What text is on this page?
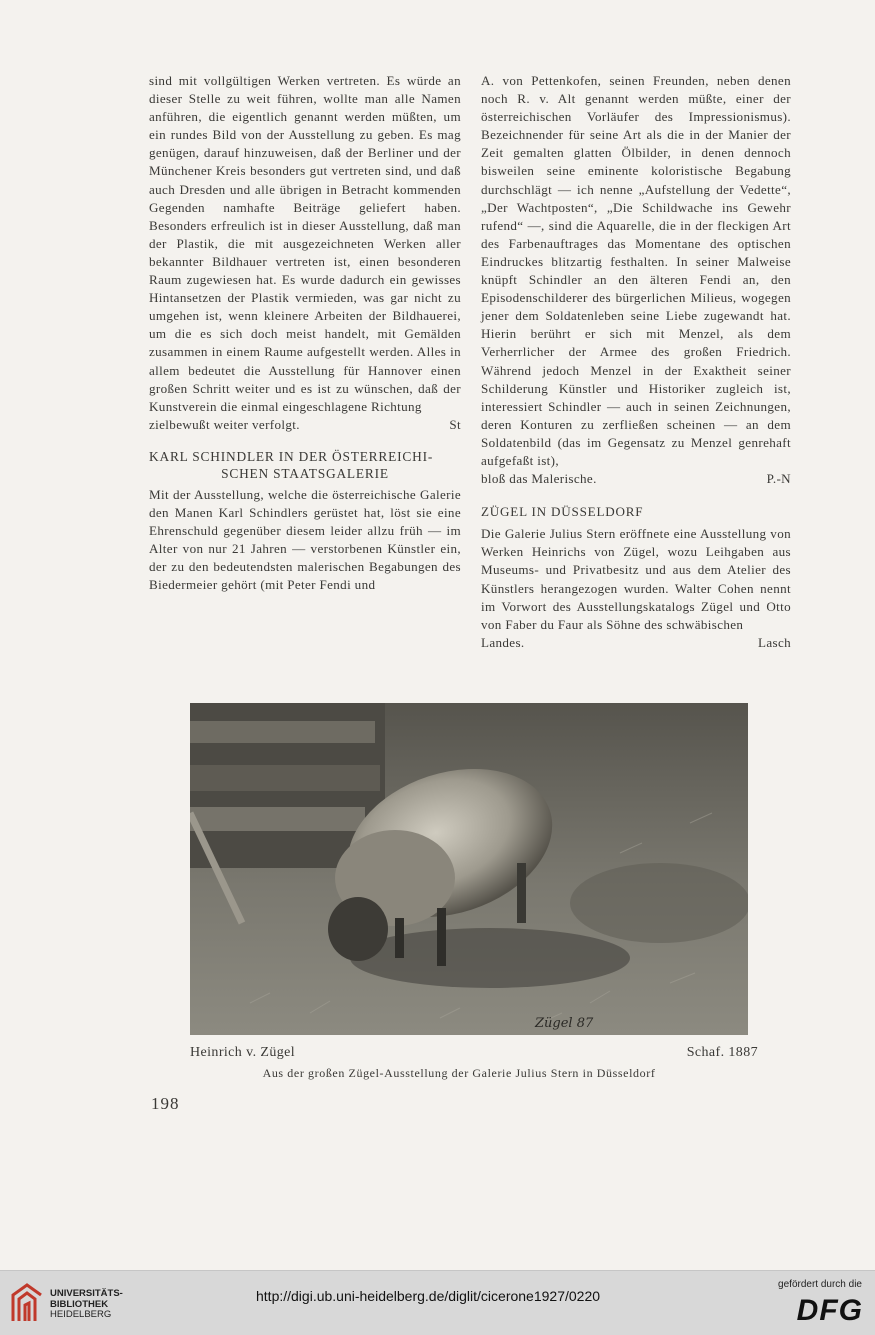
sind mit vollgültigen Werken vertreten. Es würde an dieser Stelle zu weit führen, wollte man alle Namen anführen, die eigentlich genannt werden müßten, um ein rundes Bild von der Ausstellung zu geben. Es mag genügen, darauf hinzuweisen, daß der Berliner und der Münchener Kreis besonders gut vertreten sind, und daß auch Dresden und alle übrigen in Betracht kommenden Gegenden namhafte Beiträge geliefert haben. Besonders erfreulich ist in dieser Ausstellung, daß man der Plastik, die mit ausgezeichneten Werken aller bekannter Bildhauer vertreten ist, einen besonderen Raum zugewiesen hat. Es wurde dadurch ein gewisses Hintansetzen der Plastik vermieden, was gar nicht zu umgehen ist, wenn kleinere Arbeiten der Bildhauerei, um die es sich doch meist handelt, mit Gemälden zusammen in einem Raume aufgestellt werden. Alles in allem bedeutet die Ausstellung für Hannover einen großen Schritt weiter und es ist zu wünschen, daß der Kunstverein die einmal eingeschlagene Richtung

zielbewußt weiter verfolgt.	St
KARL SCHINDLER IN DER ÖSTERREICHI-
SCHEN STAATSGALERIE

Mit der Ausstellung, welche die österreichische Galerie den Manen Karl Schindlers gerüstet hat, löst sie eine Ehrenschuld gegenüber diesem leider allzu früh — im Alter von nur 21 Jahren — verstorbenen Künstler ein, der zu den bedeutendsten malerischen Begabungen des Biedermeier gehört (mit Peter Fendi und

A. von Pettenkofen, seinen Freunden, neben denen noch R. v. Alt genannt werden müßte, einer der österreichischen Vorläufer des Impressionismus). Bezeichnender für seine Art als die in der Manier der Zeit gemalten glatten Ölbilder, in denen dennoch bisweilen seine eminente koloristische Begabung durchschlägt — ich nenne „Aufstellung der Vedette“, „Der Wachtposten“, „Die Schildwache ins Gewehr rufend“ —, sind die Aquarelle, die in der fleckigen Art des Farbenauftrages das Momentane des optischen Eindruckes blitzartig festhalten. In seiner Malweise knüpft Schindler an den älteren Fendi an, den Episodenschilderer des bürgerlichen Milieus, wogegen jener dem Soldatenleben seine Liebe zugewandt hat. Hierin berührt er sich mit Menzel, als dem Verherrlicher der Armee des großen Friedrich. Während jedoch Menzel in der Exaktheit seiner Schilderung Künstler und Historiker zugleich ist, interessiert Schindler — auch in seinen Zeichnungen, deren Konturen zu zerfließen scheinen — an dem Soldatenbild (das im Gegensatz zu Menzel genrehaft aufgefaßt ist),

bloß das Malerische.	P.-N
ZÜGEL IN DÜSSELDORF

Die Galerie Julius Stern eröffnete eine Ausstellung von Werken Heinrichs von Zügel, wozu Leihgaben aus Museums- und Privatbesitz und aus dem Atelier des Künstlers herangezogen wurden. Walter Cohen nennt im Vorwort des Ausstellungskatalogs Zügel und Otto von Faber du Faur als Söhne des schwäbischen

Landes.	Lasch
Zügel 87
Heinrich v. Zügel	Schaf. 1887
Aus der großen Zügel-Ausstellung der Galerie Julius Stern in Düsseldorf
198
UNIVERSITÄTS-
BIBLIOTHEK
HEIDELBERG
http://digi.ub.uni-heidelberg.de/diglit/cicerone1927/0220
gefördert durch die
DFG
